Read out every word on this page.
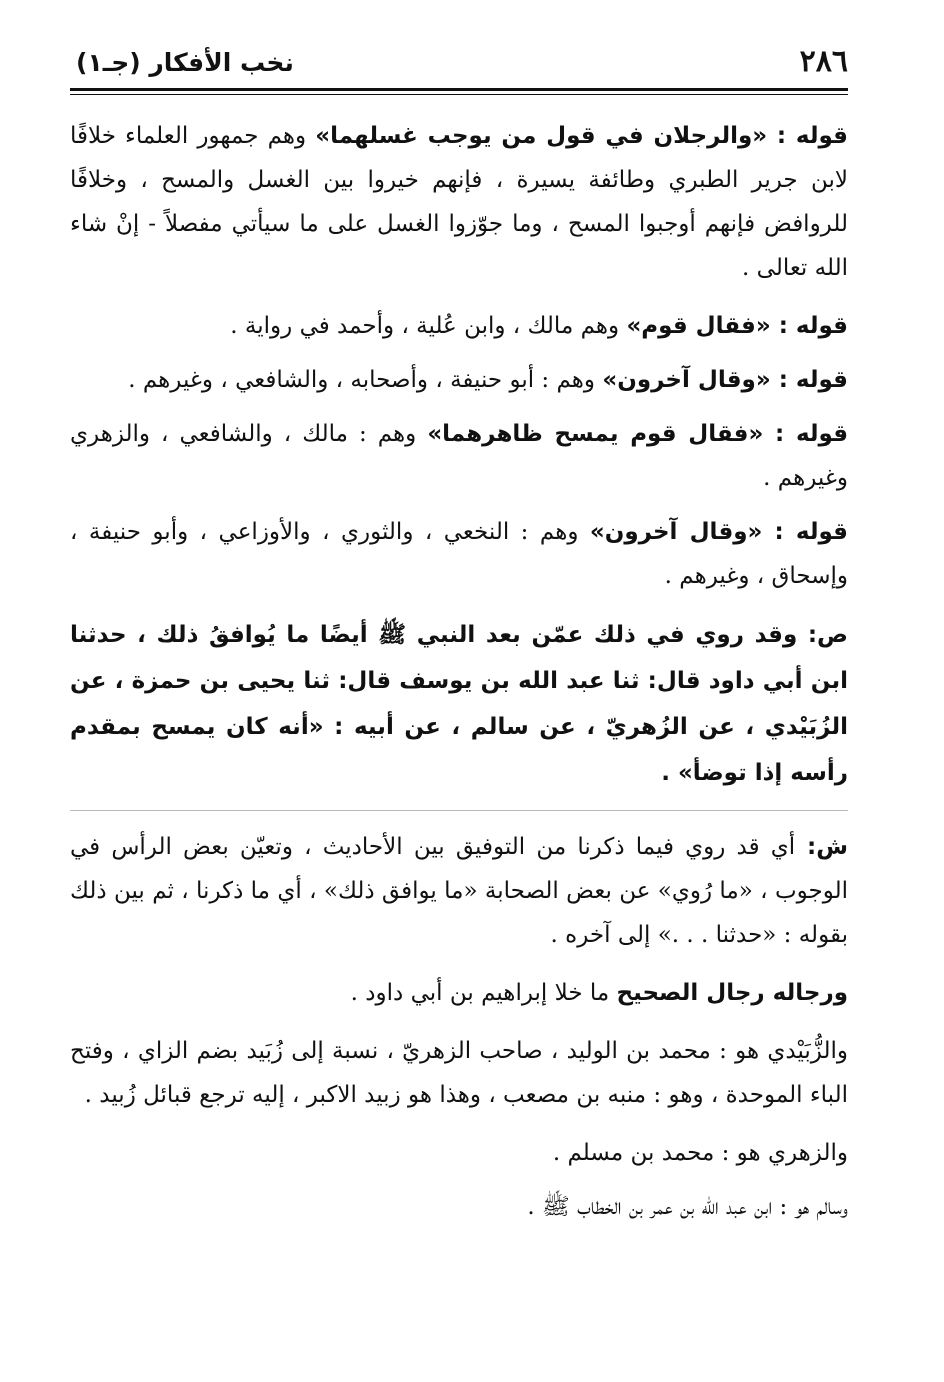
٢٨٦
نخب الأفكار (جـ١)

قوله : «والرجلان في قول من يوجب غسلهما» وهم جمهور العلماء خلافًا لابن جرير الطبري وطائفة يسيرة ، فإنهم خيروا بين الغسل والمسح ، وخلافًا للروافض فإنهم أوجبوا المسح ، وما جوّزوا الغسل على ما سيأتي مفصلاً - إنْ شاء الله تعالى .

قوله : «فقال قوم» وهم مالك ، وابن عُلية ، وأحمد في رواية .

قوله : «وقال آخرون» وهم : أبو حنيفة ، وأصحابه ، والشافعي ، وغيرهم .

قوله : «فقال قوم يمسح ظاهرهما» وهم : مالك ، والشافعي ، والزهري وغيرهم .

قوله : «وقال آخرون» وهم : النخعي ، والثوري ، والأوزاعي ، وأبو حنيفة ، وإسحاق ، وغيرهم .

ص: وقد روي في ذلك عمّن بعد النبي ﷺ أيضًا ما يُوافقُ ذلك ، حدثنا ابن أبي داود قال: ثنا عبد الله بن يوسف قال: ثنا يحيى بن حمزة ، عن الزُبَيْدي ، عن الزُهريّ ، عن سالم ، عن أبيه : «أنه كان يمسح بمقدم رأسه إذا توضأ» .

ش: أي قد روي فيما ذكرنا من التوفيق بين الأحاديث ، وتعيّن بعض الرأس في الوجوب ، «ما رُوي» عن بعض الصحابة «ما يوافق ذلك» ، أي ما ذكرنا ، ثم بين ذلك بقوله : «حدثنا . . .» إلى آخره .

ورجاله رجال الصحيح ما خلا إبراهيم بن أبي داود .

والزُّبَيْدي هو : محمد بن الوليد ، صاحب الزهريّ ، نسبة إلى زُبَيد بضم الزاي ، وفتح الباء الموحدة ، وهو : منبه بن مصعب ، وهذا هو زبيد الاكبر ، إليه ترجع قبائل زُبيد .

والزهري هو : محمد بن مسلم .

وسالم هو : ابن عبد الله بن عمر بن الخطاب ﷺ .
